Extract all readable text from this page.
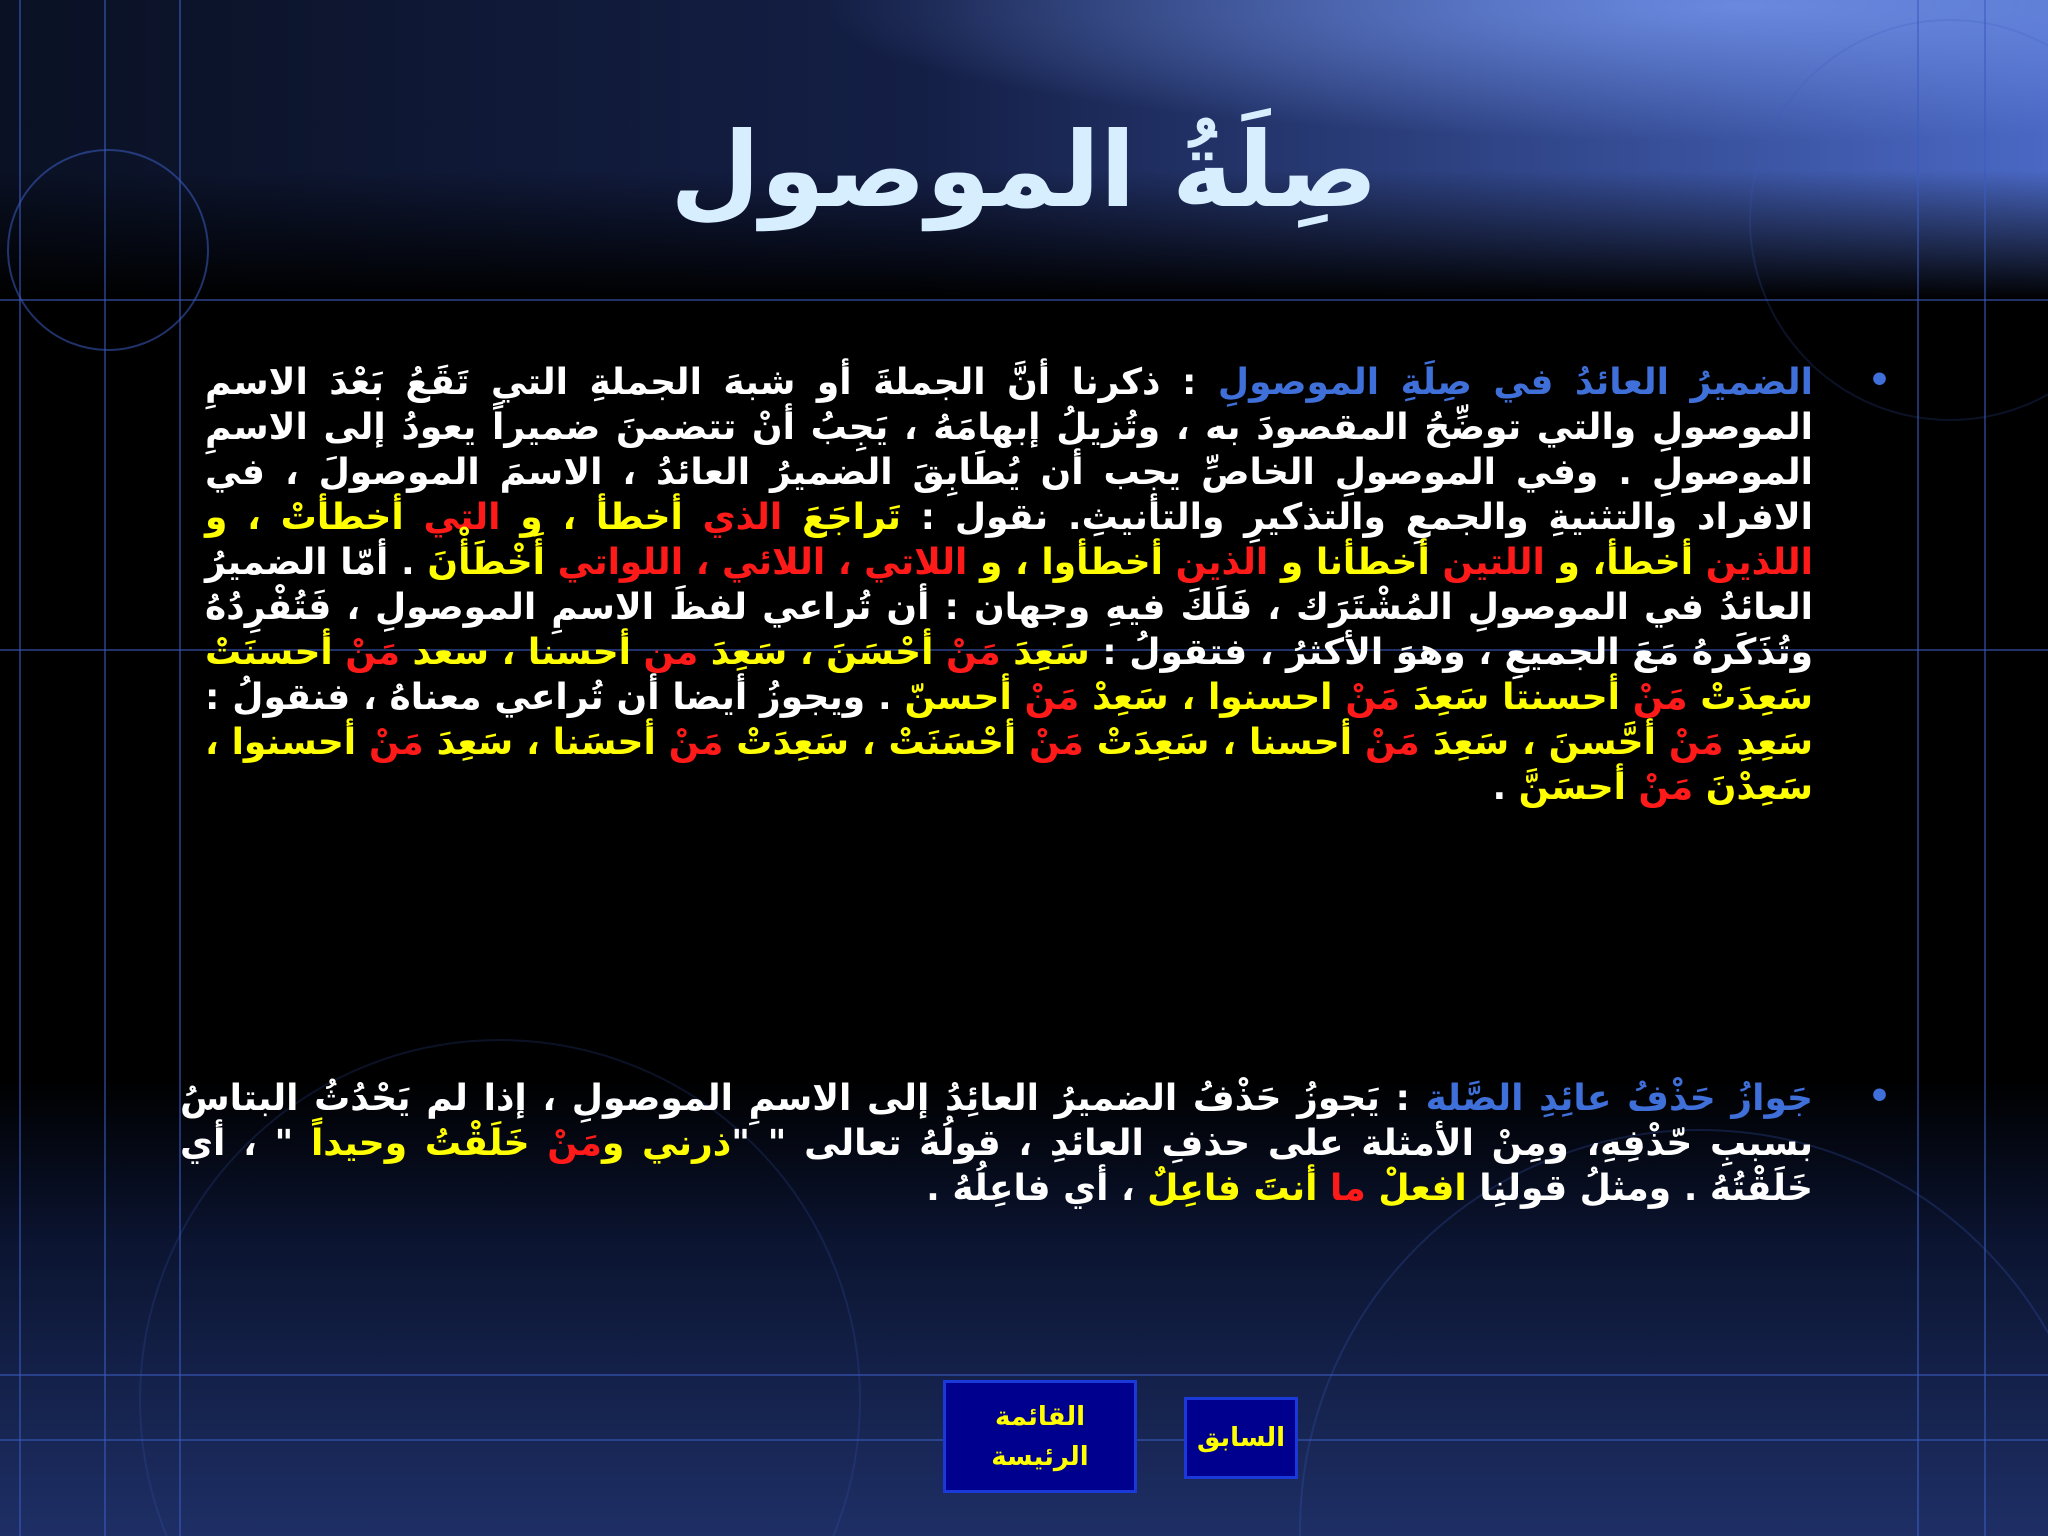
صِلَةُ الموصول
•
الضميرُ العائدُ في صِلَةِ الموصولِ : ذكرنا أنَّ الجملةَ أو شبهَ الجملةِ التي تَقَعُ بَعْدَ الاسمِ الموصولِ والتي توضِّحُ المقصودَ به ، وتُزيلُ إبهامَهُ ، يَجِبُ أنْ تتضمنَ ضميراً يعودُ إلى الاسمِ الموصولِ . وفي الموصولِ الخاصِّ يجب أن يُطَابِقَ الضميرُ العائدُ ، الاسمَ الموصولَ ، في الافراد والتثنيةِ والجمعِ والتذكيرِ والتأنيثِ. نقول : تَراجَعَ الذي أخطأ ، و التي أخطأتْ ، و اللذين أخطأ، و اللتين أخطأنا و الذين أخطأوا ، و اللاتي ، اللائي ، اللواتي أَخْطَأْنَ . أمّا الضميرُ العائدُ في الموصولِ المُشْتَرَك ، فَلَكَ فيهِ وجهان : أن تُراعي لفظَ الاسمِ الموصولِ ، فَتُفْرِدُهُ وتُذَكَرهُ مَعَ الجميعِ ، وهوَ الأكثرُ ، فتقولُ : سَعِدَ مَنْ أحْسَنَ ، سَعِدَ من أحسنا ، سعد مَنْ أحسنَتْ سَعِدَتْ مَنْ أحسنتا سَعِدَ مَنْ احسنوا ، سَعِدْ مَنْ أحسنّ . ويجوزُ أيضا أن تُراعي معناهُ ، فنقولُ : سَعِدِ مَنْ أحَّسنَ ، سَعِدَ مَنْ أحسنا ، سَعِدَتْ مَنْ أحْسَنَتْ ، سَعِدَتْ مَنْ أحسَنا ، سَعِدَ مَنْ أحسنوا ، سَعِدْنَ مَنْ أحسَنَّ .
•
جَوازُ حَذْفُ عائِدِ الصَّلة : يَجوزُ حَذْفُ الضميرُ العائِدُ إلى الاسمِ الموصولِ ، إذا لم يَحْدُثُ البتاسُ بسببِ حّذْفِهِ، ومِنْ الأمثلة على حذفِ العائدِ ، قولُهُ تعالى " "ذرني ومَنْ خَلَقْتُ وحيداً " ، أي خَلَقْتُهُ . ومثلُ قولنِا افعلْ ما أنتَ فاعِلٌ ، أي فاعِلُهُ .
القائمة الرئيسة
السابق
